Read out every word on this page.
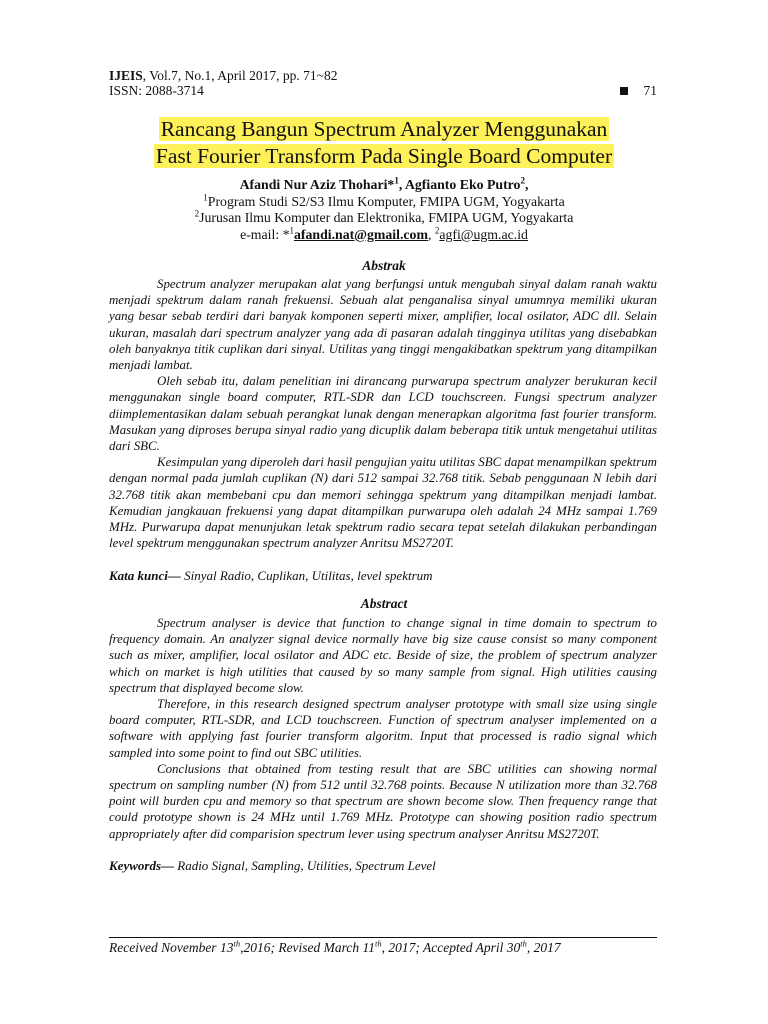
IJEIS, Vol.7, No.1, April 2017, pp. 71~82
ISSN: 2088-3714	71
Rancang Bangun Spectrum Analyzer Menggunakan
Fast Fourier Transform Pada Single Board Computer
Afandi Nur Aziz Thohari*$^1$, Agfianto Eko Putro$^2$,
$^1$Program Studi S2/S3 Ilmu Komputer, FMIPA UGM, Yogyakarta
$^2$Jurusan Ilmu Komputer dan Elektronika, FMIPA UGM, Yogyakarta
e-mail: *$^1$afandi.nat@gmail.com, $^2$agfi@ugm.ac.id
Abstrak

Spectrum analyzer merupakan alat yang berfungsi untuk mengubah sinyal dalam ranah waktu menjadi spektrum dalam ranah frekuensi. Sebuah alat penganalisa sinyal umumnya memiliki ukuran yang besar sebab terdiri dari banyak komponen seperti mixer, amplifier, local osilator, ADC dll. Selain ukuran, masalah dari spectrum analyzer yang ada di pasaran adalah tingginya utilitas yang disebabkan oleh banyaknya titik cuplikan dari sinyal. Utilitas yang tinggi mengakibatkan spektrum yang ditampilkan menjadi lambat.

Oleh sebab itu, dalam penelitian ini dirancang purwarupa spectrum analyzer berukuran kecil menggunakan single board computer, RTL-SDR dan LCD touchscreen. Fungsi spectrum analyzer diimplementasikan dalam sebuah perangkat lunak dengan menerapkan algoritma fast fourier transform. Masukan yang diproses berupa sinyal radio yang dicuplik dalam beberapa titik untuk mengetahui utilitas dari SBC.

Kesimpulan yang diperoleh dari hasil pengujian yaitu utilitas SBC dapat menampilkan spektrum dengan normal pada jumlah cuplikan (N) dari 512 sampai 32.768 titik. Sebab penggunaan N lebih dari 32.768 titik akan membebani cpu dan memori sehingga spektrum yang ditampilkan menjadi lambat. Kemudian jangkauan frekuensi yang dapat ditampilkan purwarupa oleh adalah 24 MHz sampai 1.769 MHz. Purwarupa dapat menunjukan letak spektrum radio secara tepat setelah dilakukan perbandingan level spektrum menggunakan spectrum analyzer Anritsu MS2720T.

Kata kunci— Sinyal Radio, Cuplikan, Utilitas, level spektrum
Abstract

Spectrum analyser is device that function to change signal in time domain to spectrum to frequency domain. An analyzer signal device normally have big size cause consist so many component such as mixer, amplifier, local osilator and ADC etc. Beside of size, the problem of spectrum analyzer which on market is high utilities that caused by so many sample from signal. High utilities causing spectrum that displayed become slow.

Therefore, in this research designed spectrum analyser prototype with small size using single board computer, RTL-SDR, and LCD touchscreen. Function of spectrum analyser implemented on a software with applying fast fourier transform algoritm. Input that processed is radio signal which sampled into some point to find out SBC utilities.

Conclusions that obtained from testing result that are SBC utilities can showing normal spectrum on sampling number (N) from 512 until 32.768 points. Because N utilization more than 32.768 point will burden cpu and memory so that spectrum are shown become slow. Then frequency range that could prototype shown is 24 MHz until 1.769 MHz. Prototype can showing position radio spectrum appropriately after did comparision spectrum lever using spectrum analyser Anritsu MS2720T.

Keywords— Radio Signal, Sampling, Utilities, Spectrum Level
Received November 13th,2016; Revised March 11th, 2017; Accepted April 30th, 2017
